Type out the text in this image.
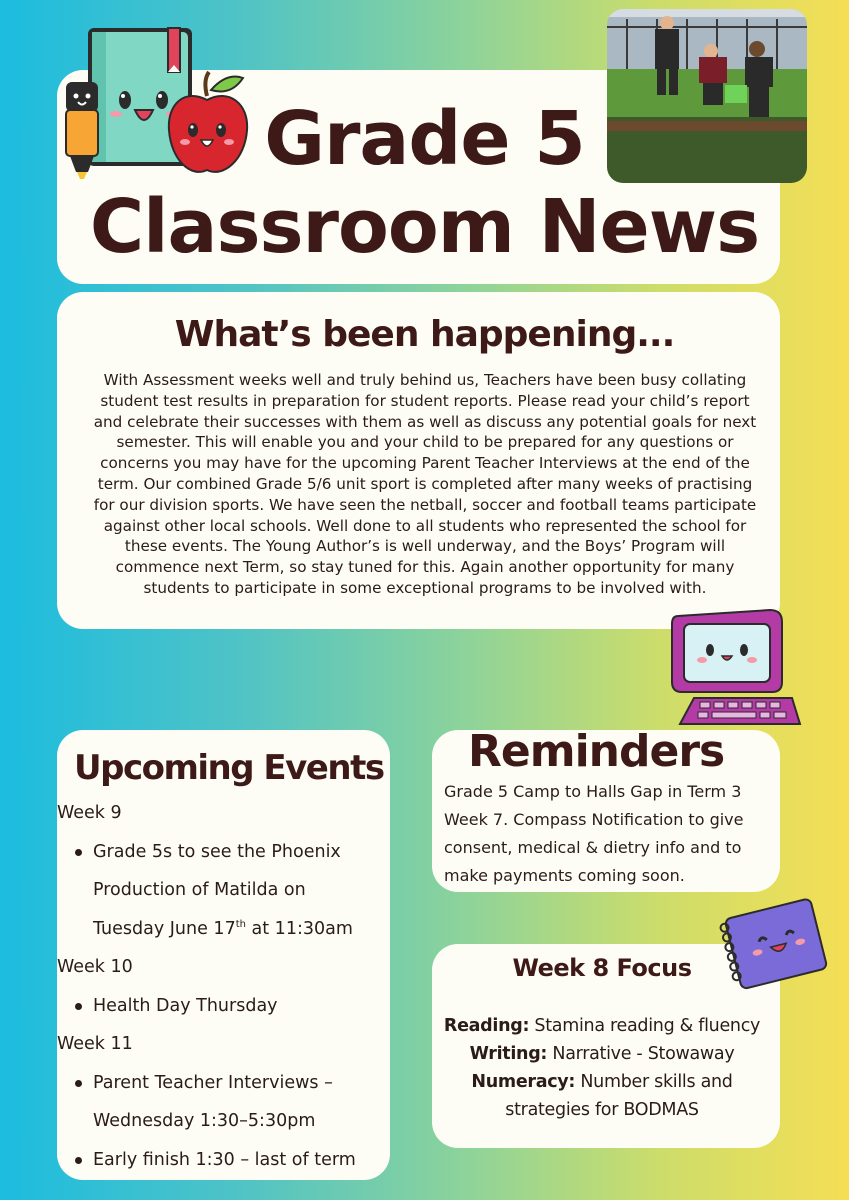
Grade 5
Classroom News
What’s been happening...
With Assessment weeks well and truly behind us, Teachers have been busy collating
student test results in preparation for student reports. Please read your child’s report
and celebrate their successes with them as well as discuss any potential goals for next
semester. This will enable you and your child to be prepared for any questions or
concerns you may have for the upcoming Parent Teacher Interviews at the end of the
term. Our combined Grade 5/6 unit sport is completed after many weeks of practising
for our division sports. We have seen the netball, soccer and football teams participate
against other local schools. Well done to all students who represented the school for
these events. The Young Author’s is well underway, and the Boys’ Program will
commence next Term, so stay tuned for this. Again another opportunity for many
students to participate in some exceptional programs to be involved with.
Upcoming Events
Week 9
Grade 5s to see the Phoenix
Production of Matilda on
Tuesday June 17th at 11:30am
Week 10
Health Day Thursday
Week 11
Parent Teacher Interviews –
Wednesday 1:30–5:30pm
Early finish 1:30 – last of term
Reminders
Grade 5 Camp to Halls Gap in Term 3
Week 7. Compass Notification to give
consent, medical & dietry info and to
make payments coming soon.
Week 8 Focus
Reading: Stamina reading & fluency
Writing: Narrative - Stowaway
Numeracy: Number skills and
strategies for BODMAS
